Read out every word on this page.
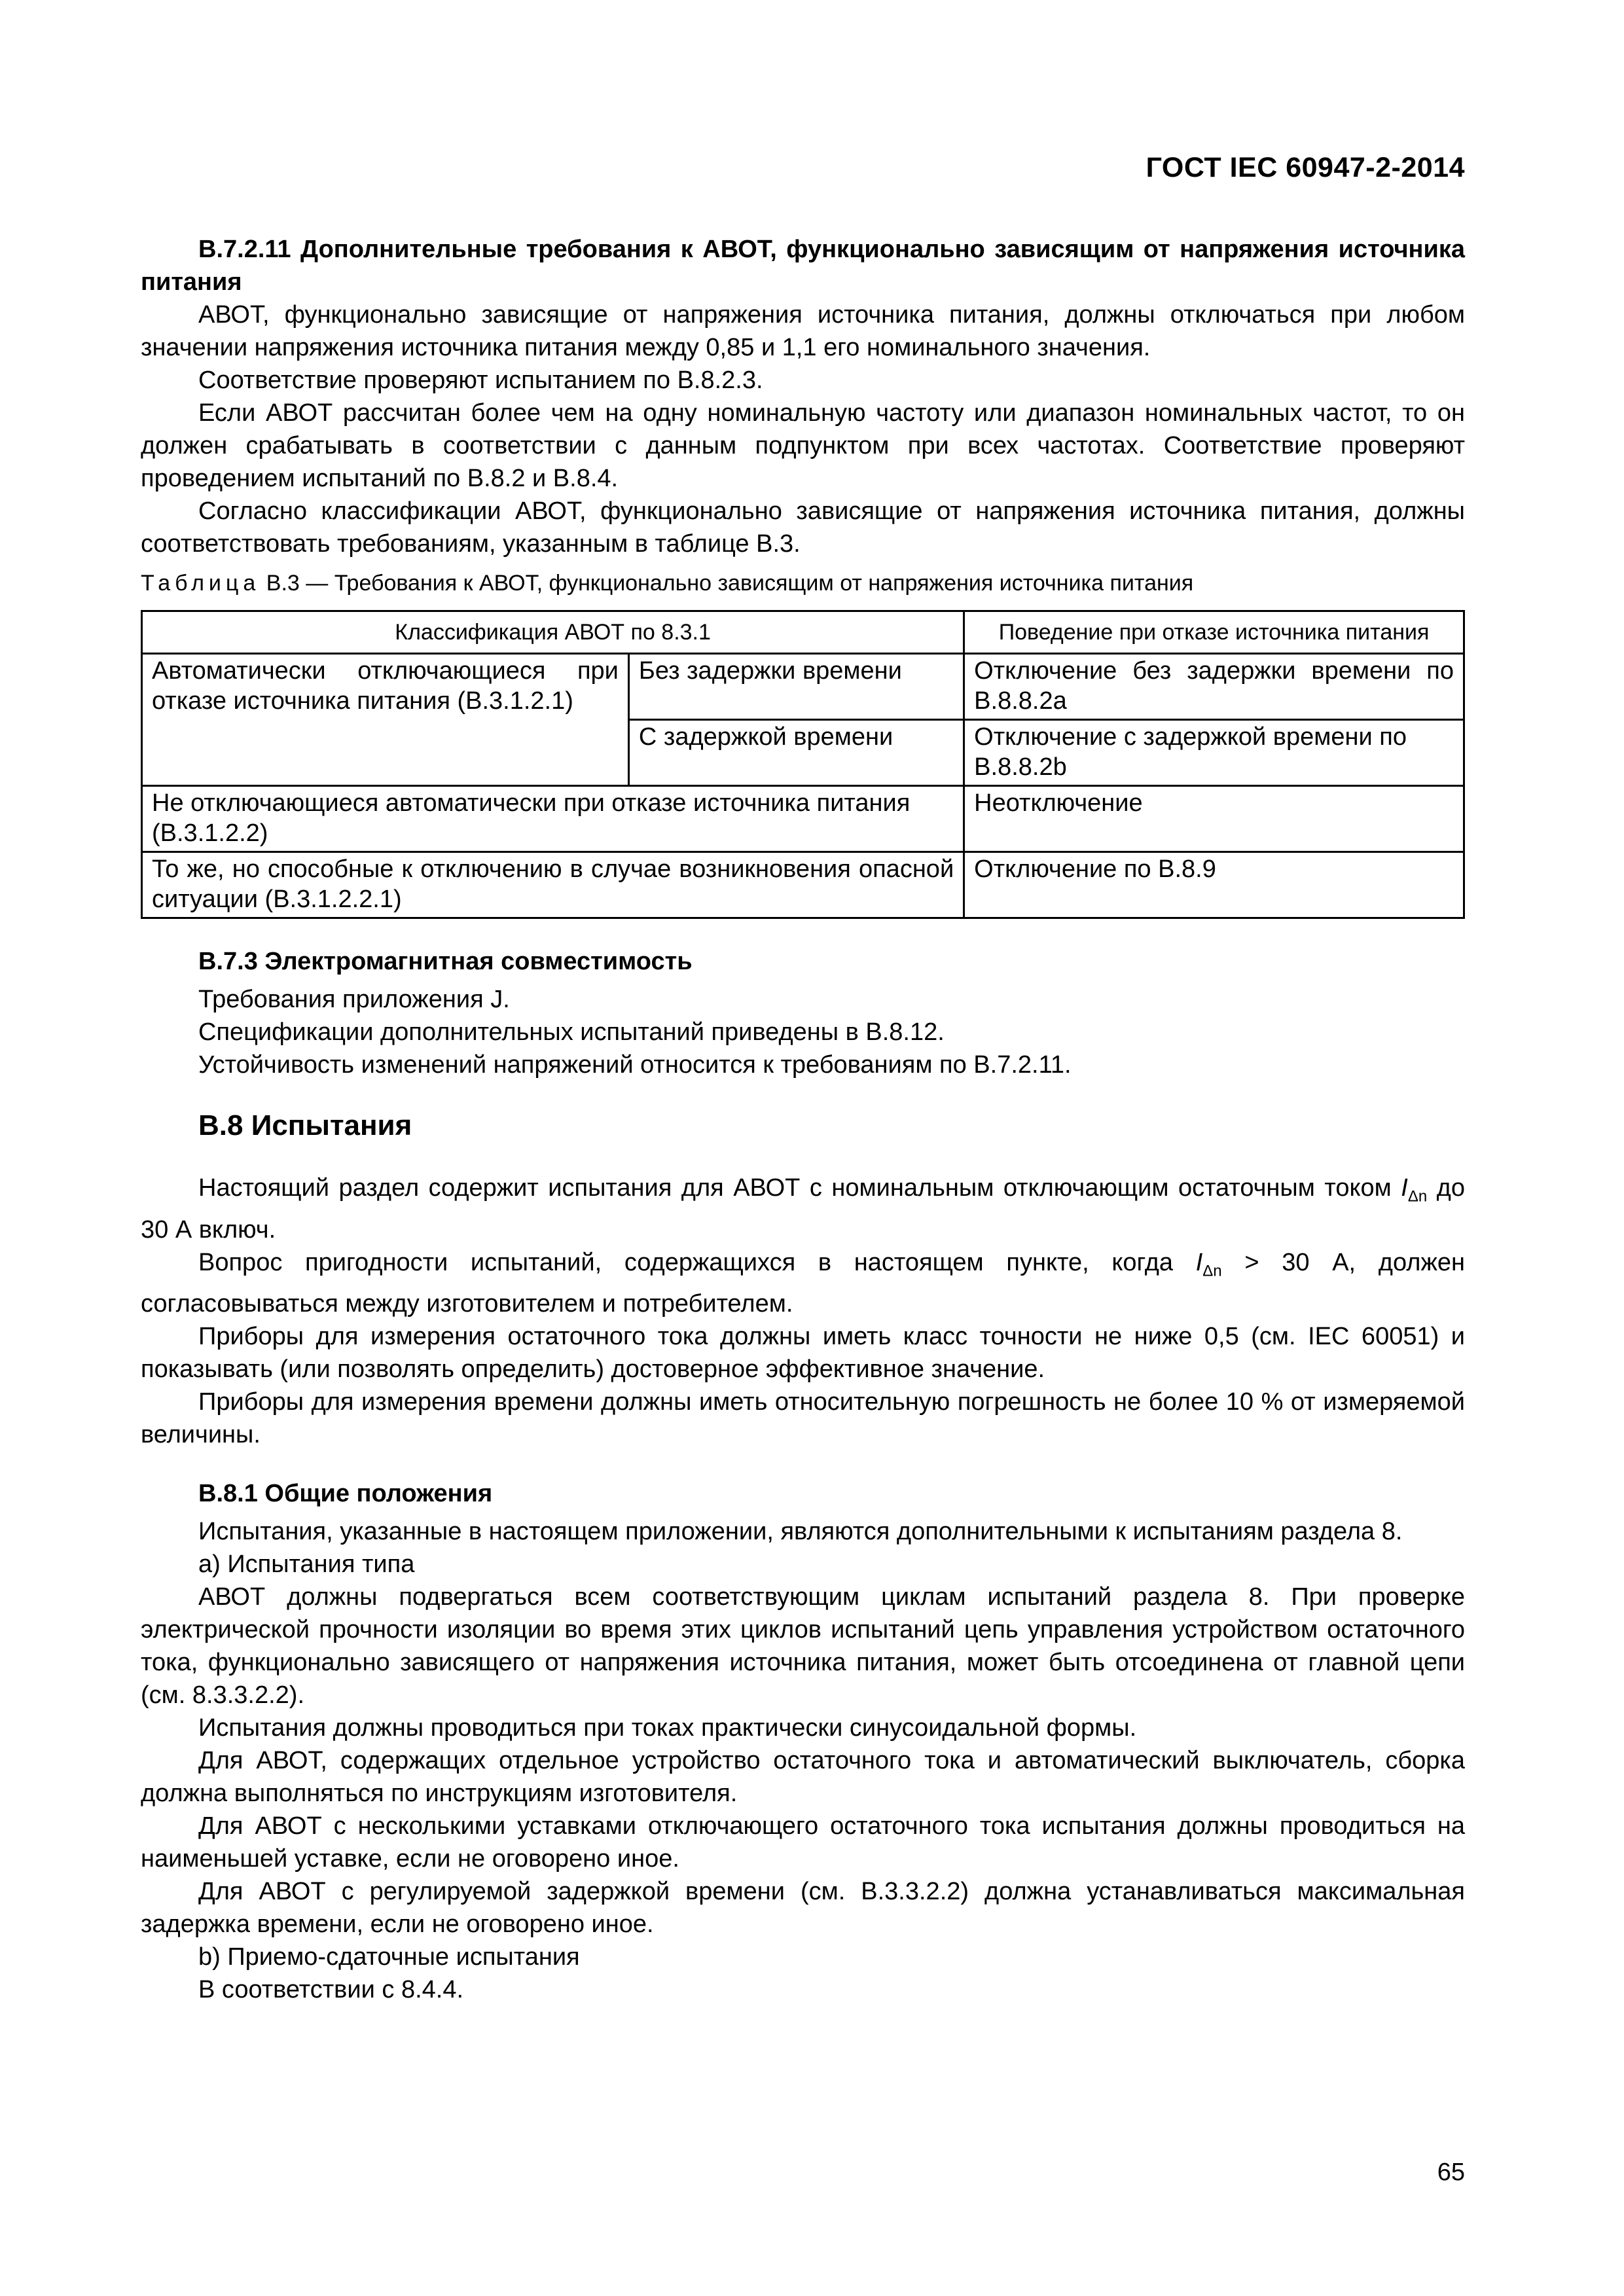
ГОСТ IEC 60947-2-2014
В.7.2.11 Дополнительные требования к АВОТ, функционально зависящим от напряжения источника питания

АВОТ, функционально зависящие от напряжения источника питания, должны отключаться при любом значении напряжения источника питания между 0,85 и 1,1 его номинального значения.

Соответствие проверяют испытанием по В.8.2.3.

Если АВОТ рассчитан более чем на одну номинальную частоту или диапазон номинальных частот, то он должен срабатывать в соответствии с данным подпунктом при всех частотах. Соответствие проверяют проведением испытаний по В.8.2 и В.8.4.

Согласно классификации АВОТ, функционально зависящие от напряжения источника питания, должны соответствовать требованиям, указанным в таблице В.3.

Таблица В.3 — Требования к АВОТ, функционально зависящим от напряжения источника питания

Классификация АВОТ по 8.3.1		Поведение при отказе источника питания
Автоматически отключающиеся при отказе источника питания (В.3.1.2.1)	Без задержки времени	Отключение без задержки времени по В.8.8.2a
	С задержкой времени	Отключение с задержкой времени по В.8.8.2b
Не отключающиеся автоматически при отказе источника питания (В.3.1.2.2)		Неотключение
То же, но способные к отключению в случае возникновения опасной ситуации (В.3.1.2.2.1)		Отключение по В.8.9
В.7.3 Электромагнитная совместимость

Требования приложения J.

Спецификации дополнительных испытаний приведены в В.8.12.

Устойчивость изменений напряжений относится к требованиям по В.7.2.11.

В.8 Испытания

Настоящий раздел содержит испытания для АВОТ с номинальным отключающим остаточным током $I_{\Delta n}$ до 30 А включ.

Вопрос пригодности испытаний, содержащихся в настоящем пункте, когда $I_{\Delta n} > 30$ А, должен согласовываться между изготовителем и потребителем.

Приборы для измерения остаточного тока должны иметь класс точности не ниже 0,5 (см. IEC 60051) и показывать (или позволять определить) достоверное эффективное значение.

Приборы для измерения времени должны иметь относительную погрешность не более 10 % от измеряемой величины.

В.8.1 Общие положения

Испытания, указанные в настоящем приложении, являются дополнительными к испытаниям раздела 8.

а) Испытания типа

АВОТ должны подвергаться всем соответствующим циклам испытаний раздела 8. При проверке электрической прочности изоляции во время этих циклов испытаний цепь управления устройством остаточного тока, функционально зависящего от напряжения источника питания, может быть отсоединена от главной цепи (см. 8.3.3.2.2).

Испытания должны проводиться при токах практически синусоидальной формы.

Для АВОТ, содержащих отдельное устройство остаточного тока и автоматический выключатель, сборка должна выполняться по инструкциям изготовителя.

Для АВОТ с несколькими уставками отключающего остаточного тока испытания должны проводиться на наименьшей уставке, если не оговорено иное.

Для АВОТ с регулируемой задержкой времени (см. В.3.3.2.2) должна устанавливаться максимальная задержка времени, если не оговорено иное.

b) Приемо-сдаточные испытания

В соответствии с 8.4.4.

65
